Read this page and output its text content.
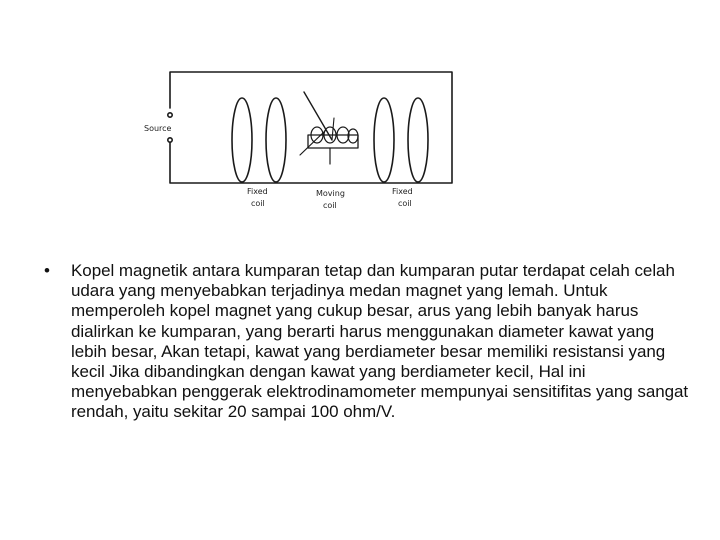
Source
Fixed
coil
Moving
coil
Fixed
coil
• Kopel magnetik antara kumparan tetap dan kumparan putar terdapat celah celah udara yang menyebabkan terjadinya medan magnet yang lemah. Untuk memperoleh kopel magnet yang cukup besar, arus yang lebih banyak harus dialirkan ke kumparan, yang berarti harus menggunakan diameter kawat yang lebih besar, Akan tetapi, kawat yang berdiameter besar memiliki resistansi yang kecil Jika dibandingkan dengan kawat yang berdiameter kecil, Hal ini menyebabkan penggerak elektrodinamometer mempunyai sensitifitas yang sangat rendah, yaitu sekitar 20 sampai 100 ohm/V.
